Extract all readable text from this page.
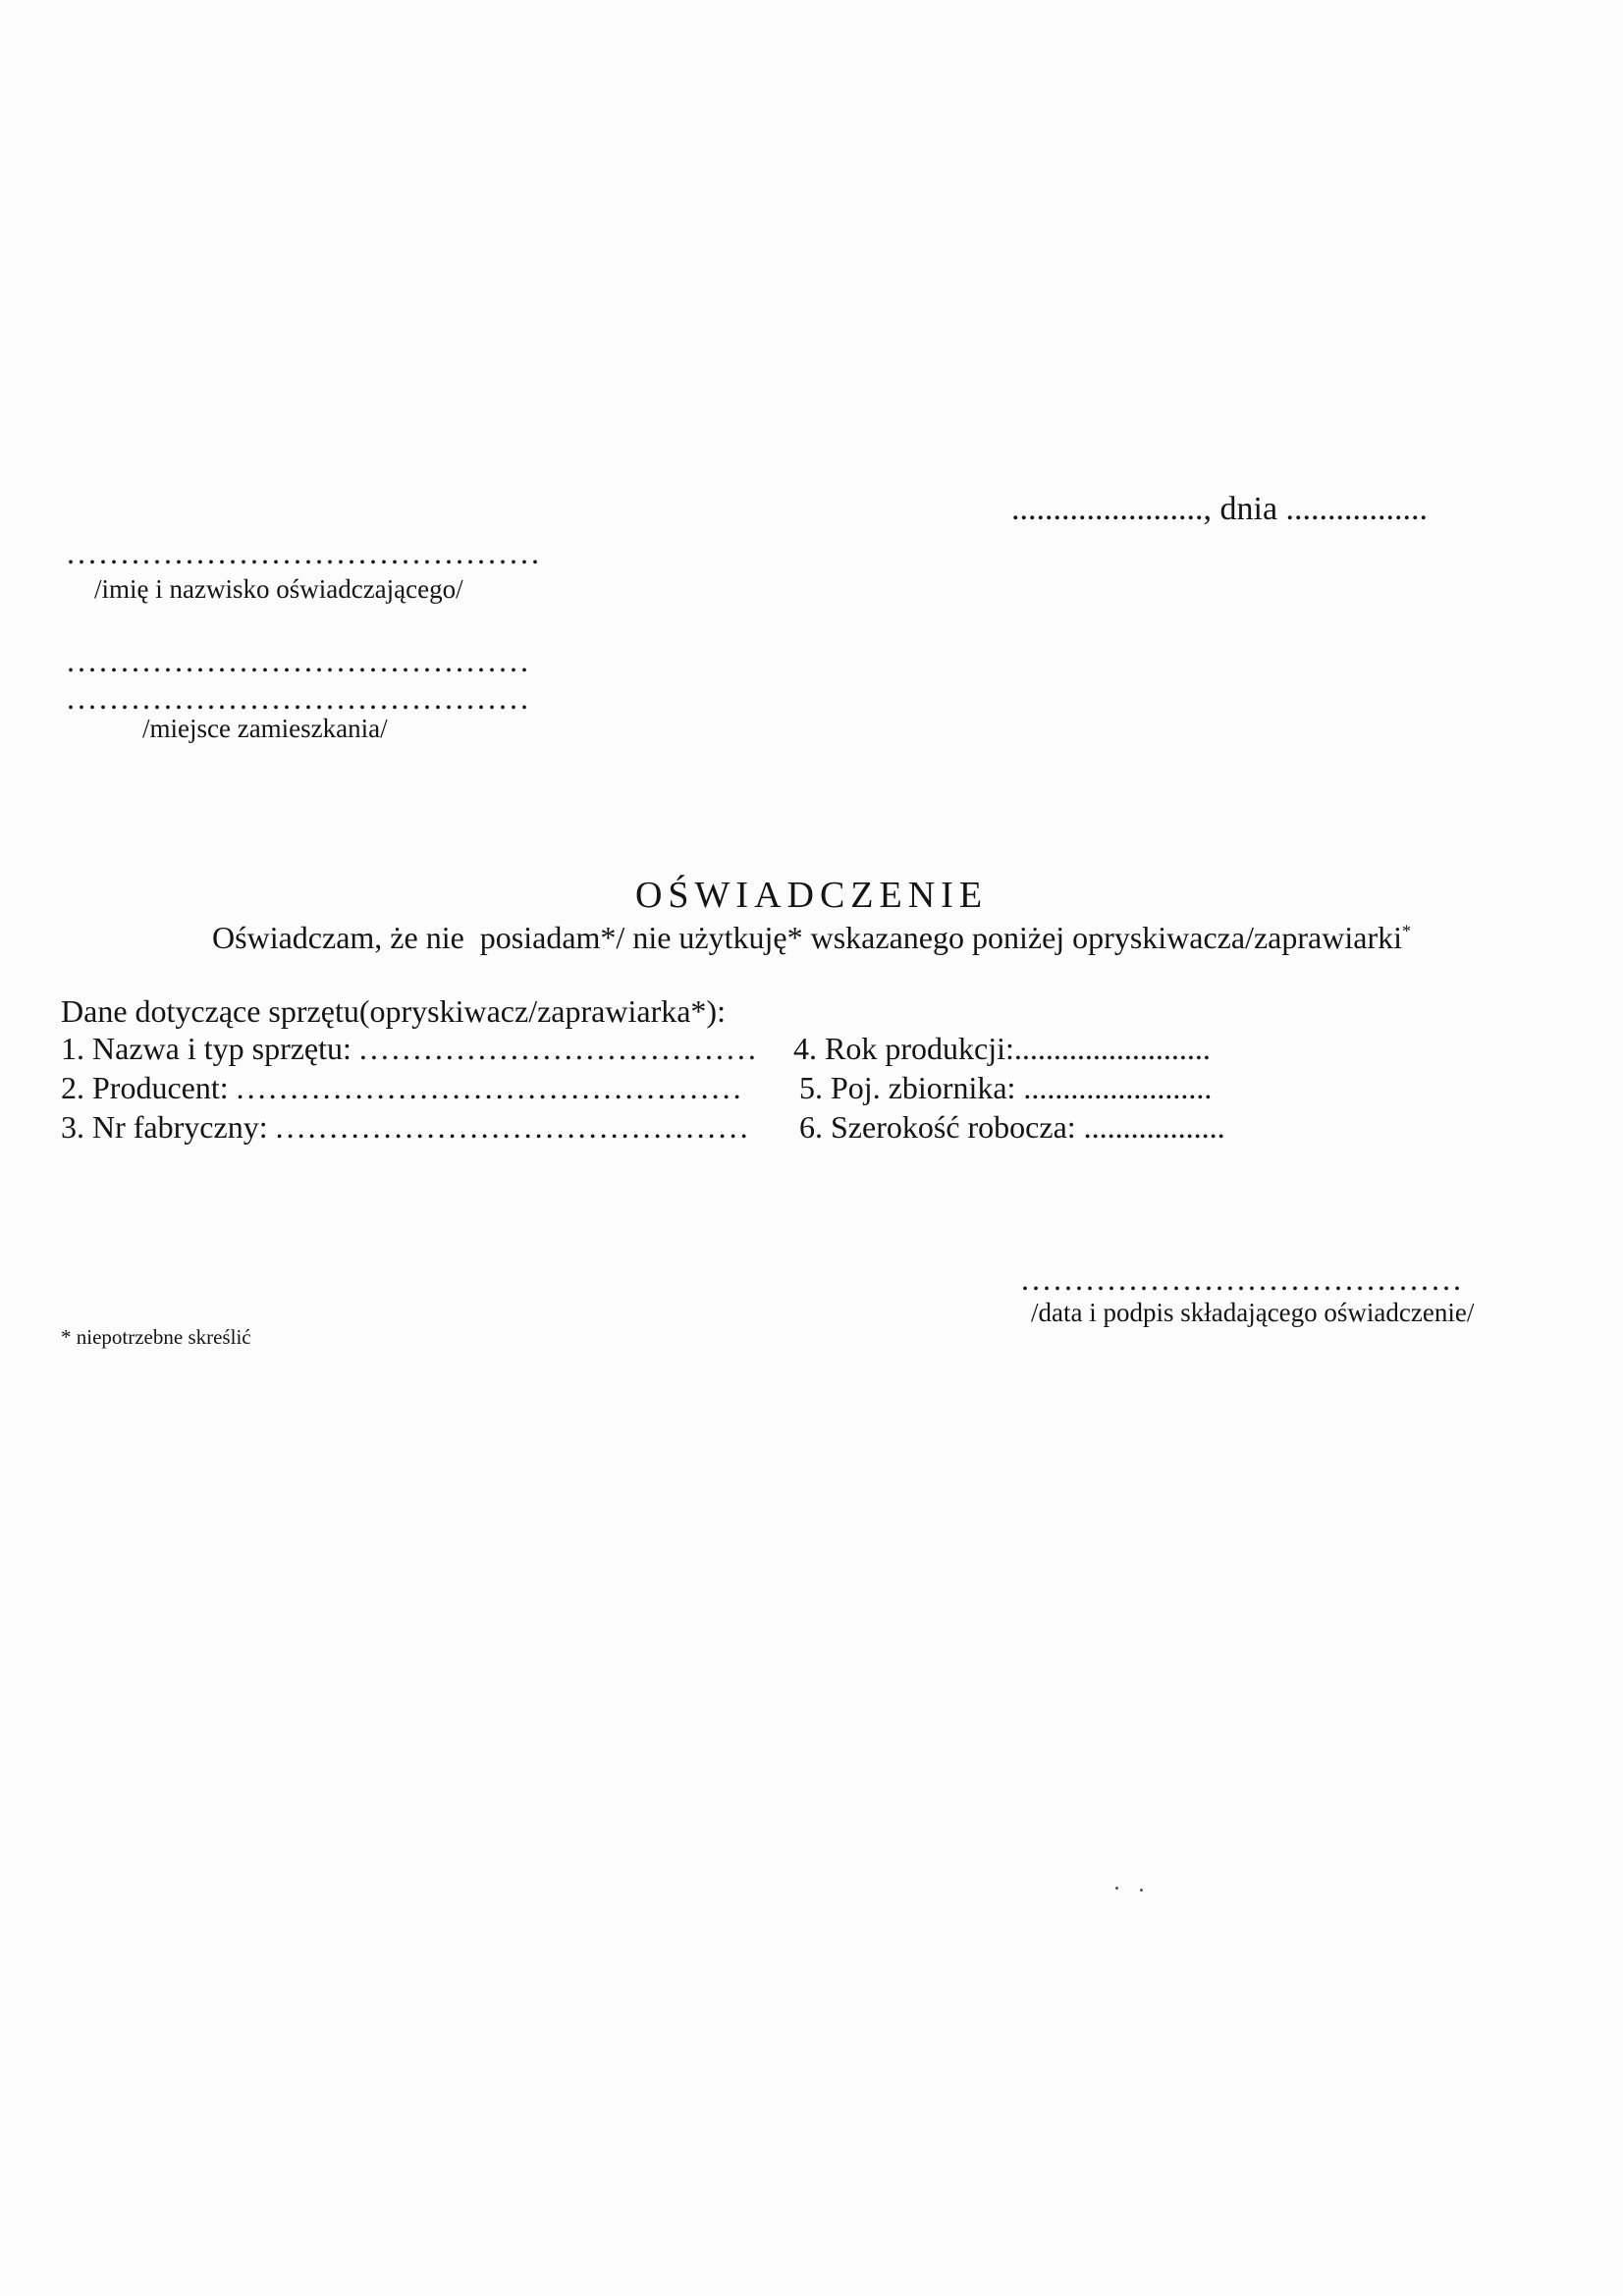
......................., dnia .................
............................................
/imię i nazwisko oświadczającego/
...........................................
...........................................
/miejsce zamieszkania/
OŚWIADCZENIE
Oświadczam, że nie  posiadam*/ nie użytkuję* wskazanego poniżej opryskiwacza/zaprawiarki*
Dane dotyczące sprzętu(opryskiwacz/zaprawiarka*):
1. Nazwa i typ sprzętu: .....................................
2. Producent: ...............................................
3. Nr fabryczny: ............................................
4. Rok produkcji:.........................
5. Poj. zbiornika: ........................
6. Szerokość robocza: ..................
.........................................
/data i podpis składającego oświadczenie/
* niepotrzebne skreślić
